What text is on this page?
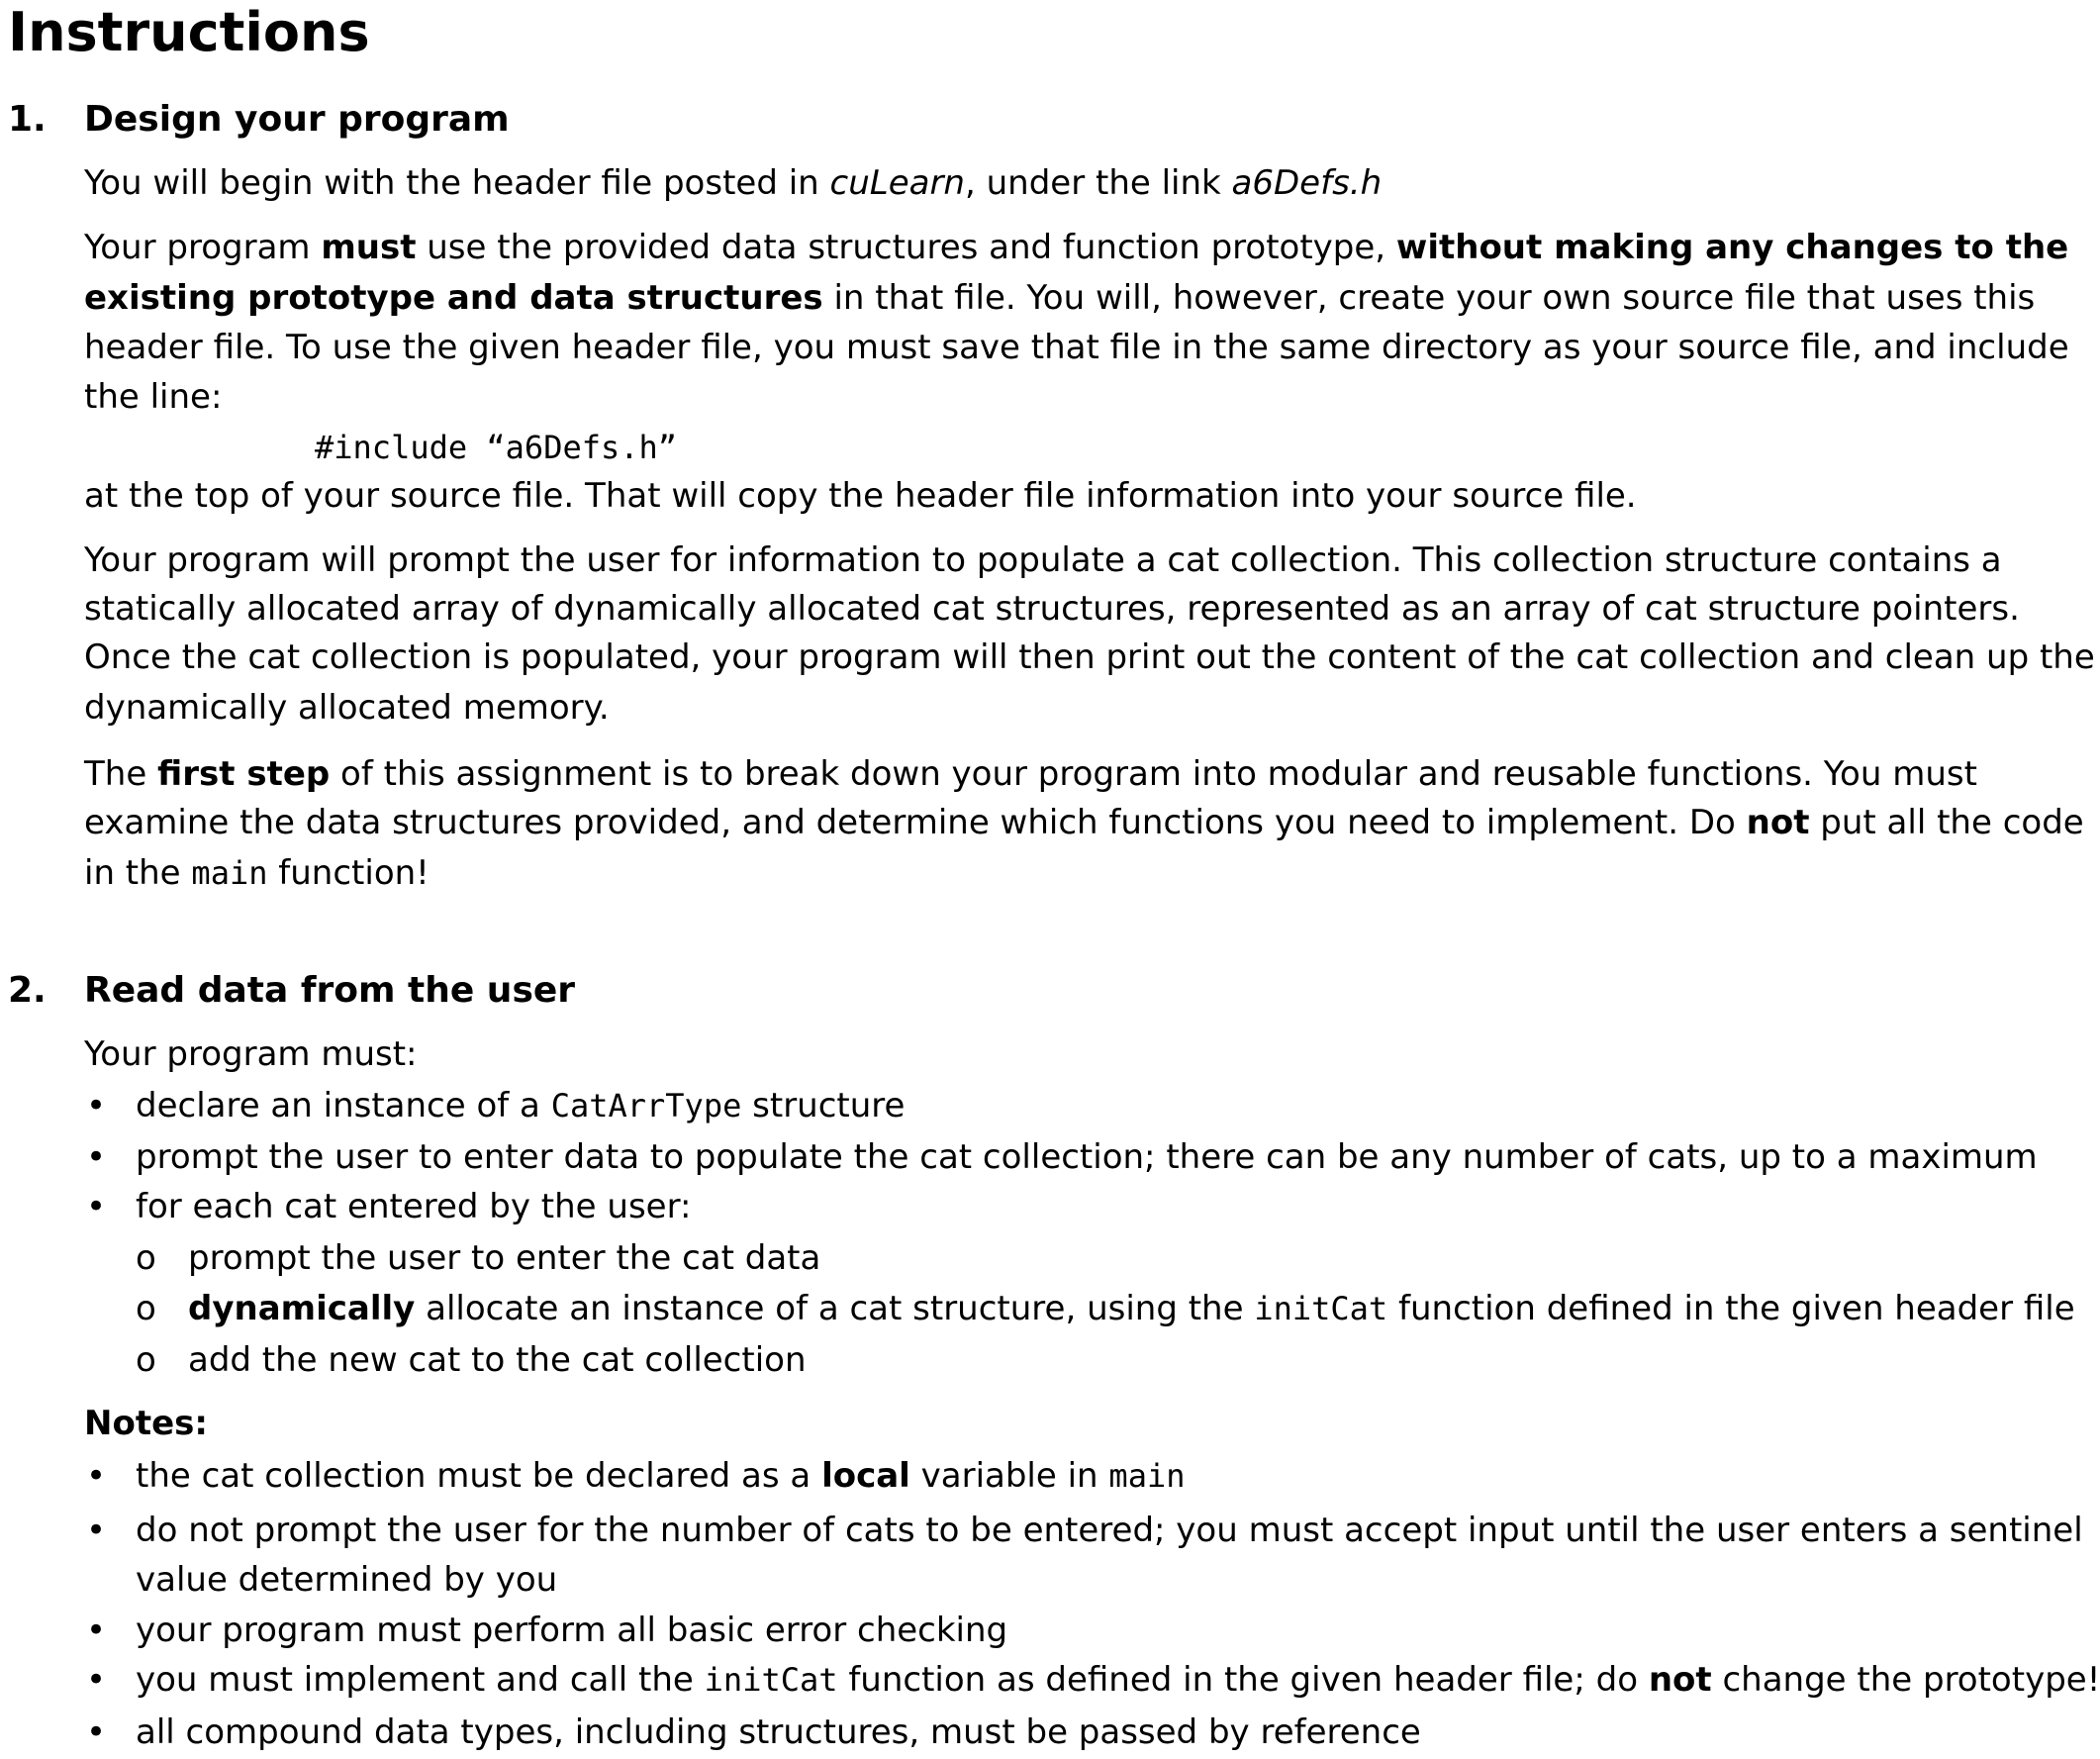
Instructions
1. Design your program
You will begin with the header file posted in cuLearn, under the link a6Defs.h
Your program must use the provided data structures and function prototype, without making any changes to the
existing prototype and data structures in that file. You will, however, create your own source file that uses this
header file. To use the given header file, you must save that file in the same directory as your source file, and include
the line:
#include “a6Defs.h”
at the top of your source file. That will copy the header file information into your source file.
Your program will prompt the user for information to populate a cat collection. This collection structure contains a
statically allocated array of dynamically allocated cat structures, represented as an array of cat structure pointers.
Once the cat collection is populated, your program will then print out the content of the cat collection and clean up the
dynamically allocated memory.
The first step of this assignment is to break down your program into modular and reusable functions. You must
examine the data structures provided, and determine which functions you need to implement. Do not put all the code
in the main function!
2. Read data from the user
Your program must:
• declare an instance of a CatArrType structure
• prompt the user to enter data to populate the cat collection; there can be any number of cats, up to a maximum
• for each cat entered by the user:
o prompt the user to enter the cat data
o dynamically allocate an instance of a cat structure, using the initCat function defined in the given header file
o add the new cat to the cat collection
Notes:
• the cat collection must be declared as a local variable in main
• do not prompt the user for the number of cats to be entered; you must accept input until the user enters a sentinel
value determined by you
• your program must perform all basic error checking
• you must implement and call the initCat function as defined in the given header file; do not change the prototype!
• all compound data types, including structures, must be passed by reference
